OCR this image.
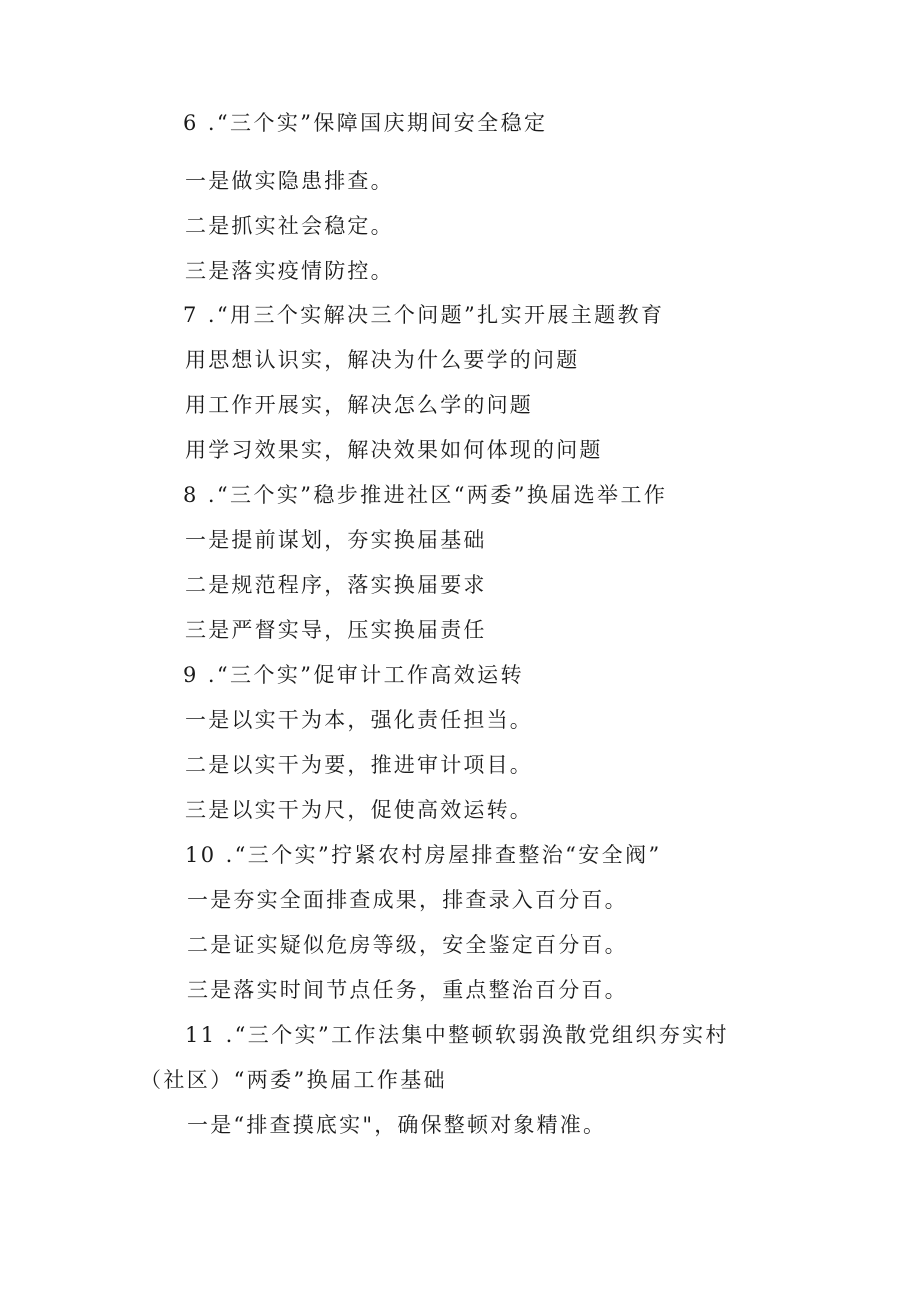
6 .“三个实”保障国庆期间安全稳定

一是做实隐患排查。

二是抓实社会稳定。

三是落实疫情防控。

7 .“用三个实解决三个问题”扎实开展主题教育

用思想认识实，解决为什么要学的问题

用工作开展实，解决怎么学的问题

用学习效果实，解决效果如何体现的问题

8 .“三个实”稳步推进社区“两委”换届选举工作

一是提前谋划，夯实换届基础

二是规范程序，落实换届要求

三是严督实导，压实换届责任

9 .“三个实”促审计工作高效运转

一是以实干为本，强化责任担当。

二是以实干为要，推进审计项目。

三是以实干为尺，促使高效运转。

10 .“三个实”拧紧农村房屋排查整治“安全阀”

一是夯实全面排查成果，排查录入百分百。

二是证实疑似危房等级，安全鉴定百分百。

三是落实时间节点任务，重点整治百分百。

11 .“三个实”工作法集中整顿软弱涣散党组织夯实村

（社区）“两委”换届工作基础

一是“排查摸底实"，确保整顿对象精准。
